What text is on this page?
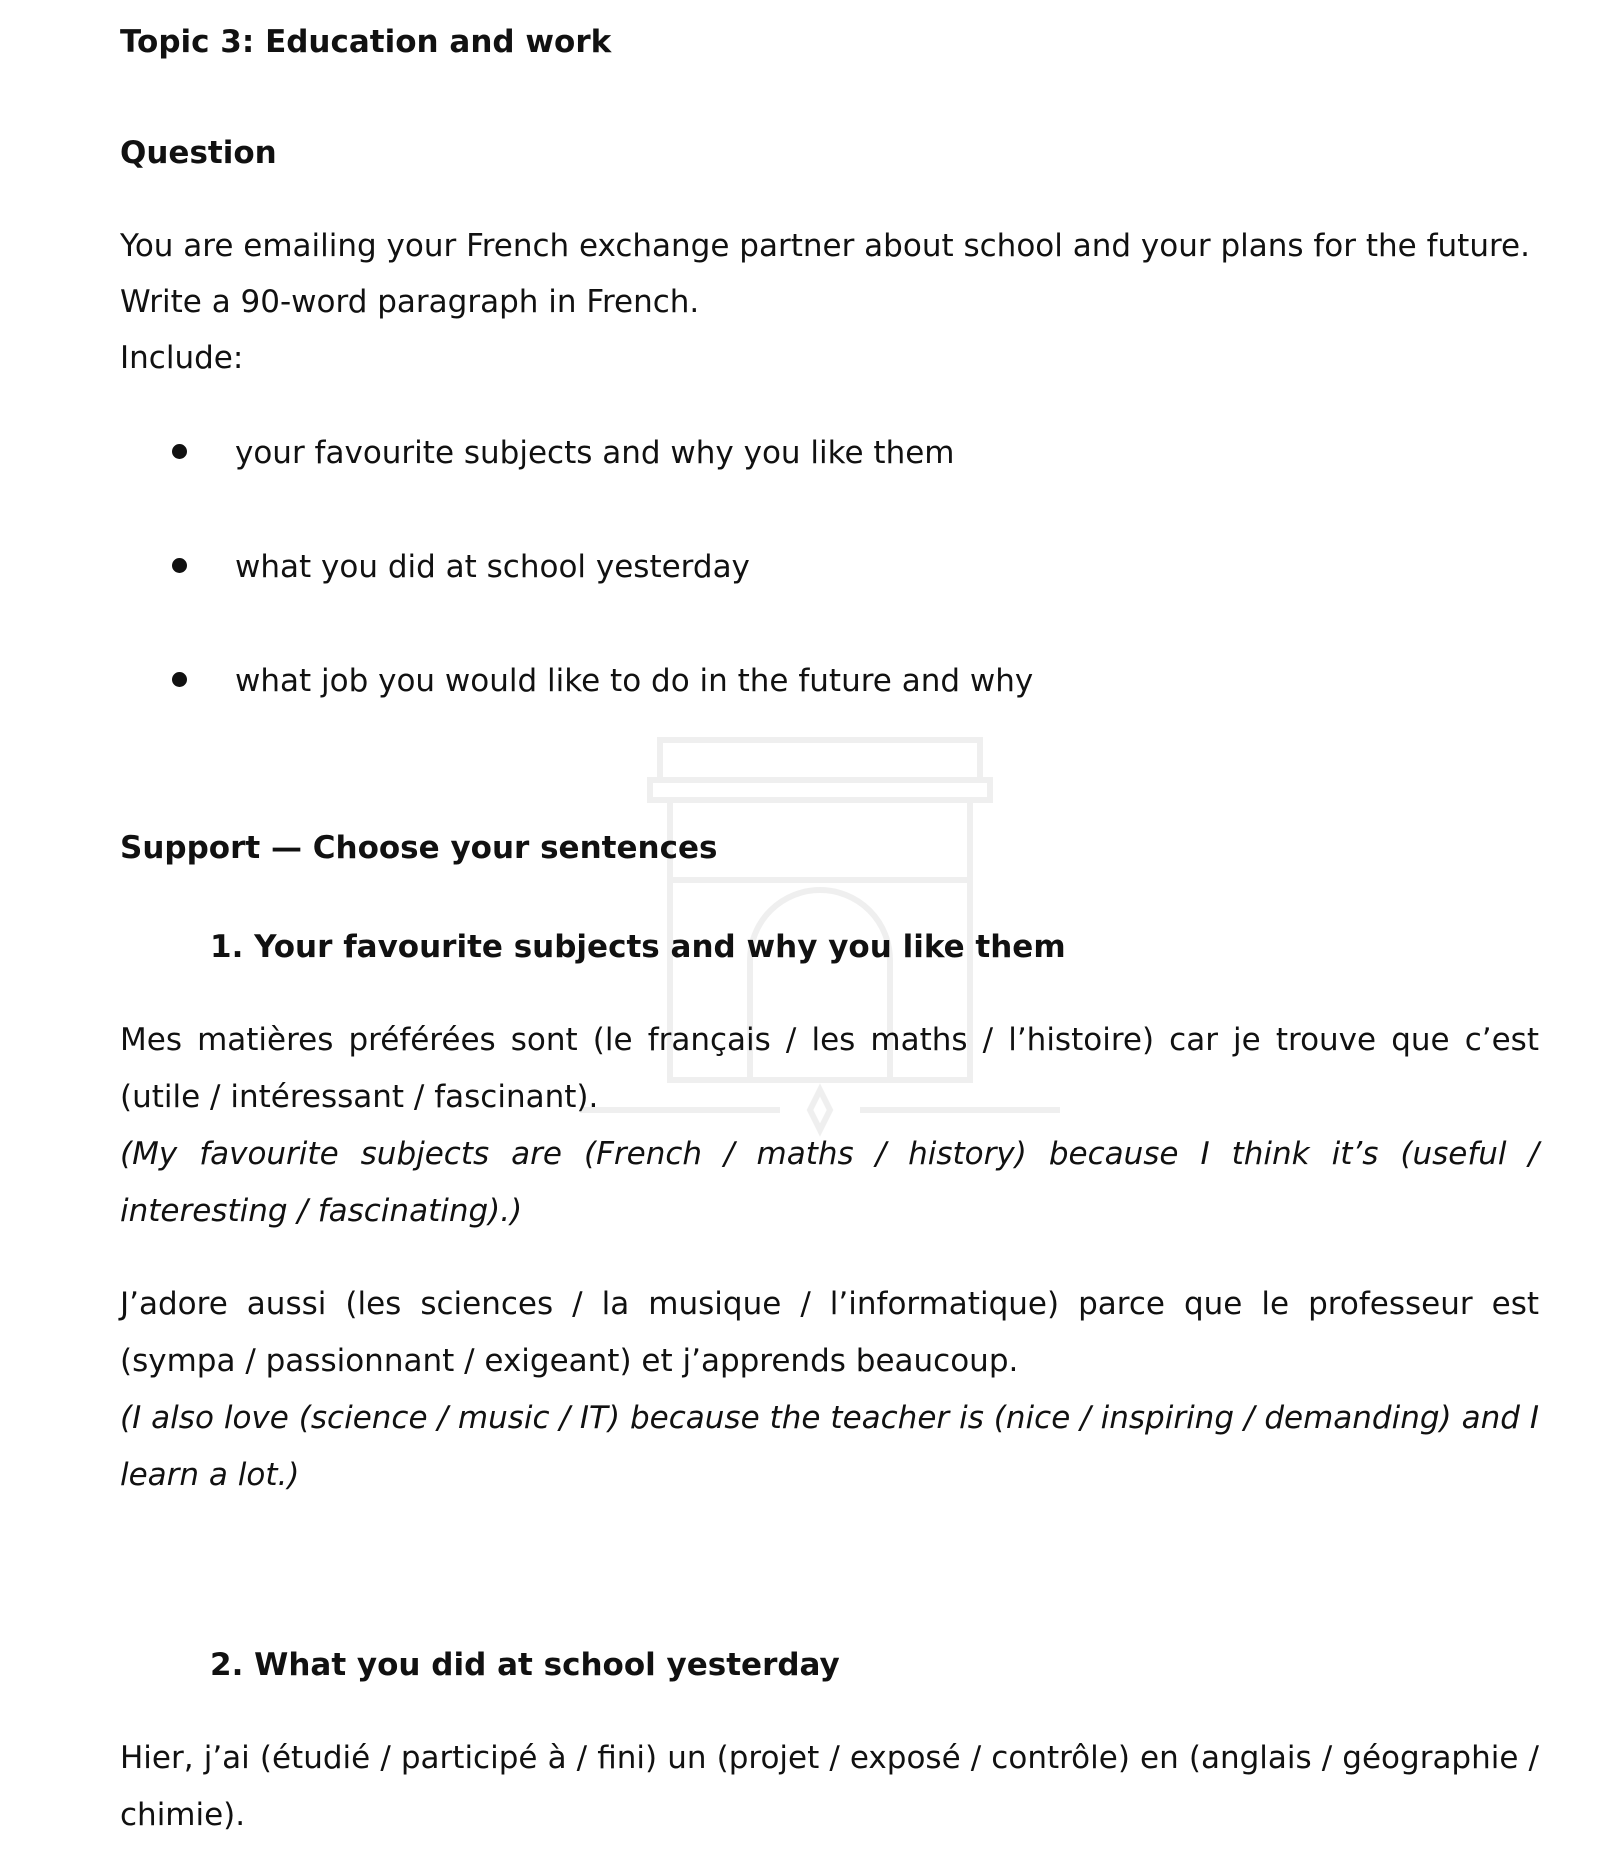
Topic 3: Education and work
Question
You are emailing your French exchange partner about school and your plans for the future.
Write a 90-word paragraph in French.
Include:
your favourite subjects and why you like them
what you did at school yesterday
what job you would like to do in the future and why
Support — Choose your sentences
1. Your favourite subjects and why you like them
Mes matières préférées sont (le français / les maths / l’histoire) car je trouve que c’est (utile / intéressant / fascinant).
(My favourite subjects are (French / maths / history) because I think it’s (useful / interesting / fascinating).)
J’adore aussi (les sciences / la musique / l’informatique) parce que le professeur est (sympa / passionnant / exigeant) et j’apprends beaucoup.
(I also love (science / music / IT) because the teacher is (nice / inspiring / demanding) and I learn a lot.)
2. What you did at school yesterday
Hier, j’ai (étudié / participé à / fini) un (projet / exposé / contrôle) en (anglais / géographie / chimie).
